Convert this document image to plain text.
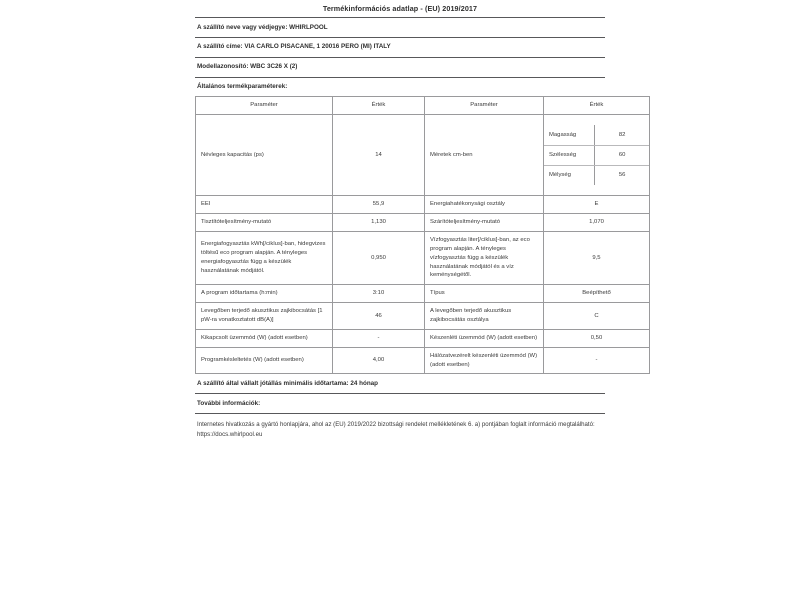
Termékinformációs adatlap - (EU) 2019/2017
A szállító neve vagy védjegye: WHIRLPOOL
A szállító címe: VIA CARLO PISACANE, 1 20016 PERO (MI) ITALY
Modellazonosító: WBC 3C26 X (2)
Általános termékparaméterek:
Paraméter	Érték	Paraméter	Érték
Névleges kapacitás (ps)	14	Méretek cm-ben	
Magasság	82
Szélesség	60
Mélység	56

EEI	55,9	Energiahatékonysági osztály	E
Tisztítóteljesítmény-mutató	1,130	Szárítóteljesítmény-mutató	1,070
Energiafogyasztás kWh[/ciklus]-ban, hidegvizes töltésű eco program alapján. A tényleges energiafogyasztás függ a készülék használatának módjától.	0,950	Vízfogyasztás liter[/ciklus]-ban, az eco program alapján. A tényleges vízfogyasztás függ a készülék használatának módjától és a víz keménységétől.	9,5
A program időtartama (h:min)	3:10	Típus	Beépíthető
Levegőben terjedő akusztikus zajkibocsátás [1 pW-ra vonatkoztatott dB(A)]	46	A levegőben terjedő akusztikus zajkibocsátás osztálya	C
Kikapcsolt üzemmód (W) (adott esetben)	-	Készenléti üzemmód (W) (adott esetben)	0,50
Programkésleltetés (W) (adott esetben)	4,00	Hálózatvezérelt készenléti üzemmód (W) (adott esetben)	-
A szállító által vállalt jótállás minimális időtartama: 24 hónap
További információk:
Internetes hivatkozás a gyártó honlapjára, ahol az (EU) 2019/2022 bizottsági rendelet mellékletének 6. a) pontjában foglalt információ megtalálható: https://docs.whirlpool.eu
